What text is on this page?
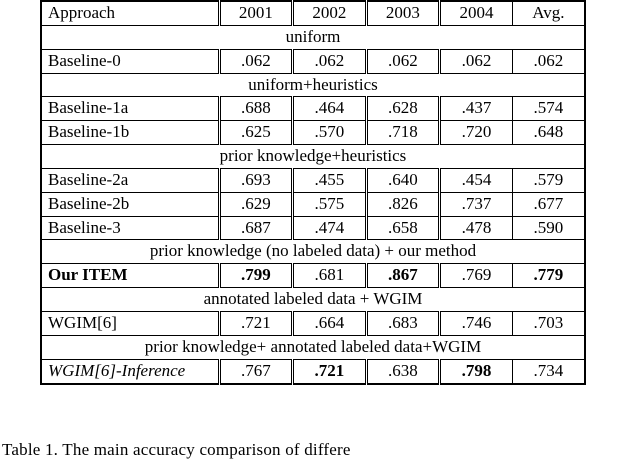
Approach	2001	2002	2003	2004	Avg.
uniform					
Baseline-0	.062	.062	.062	.062	.062
uniform+heuristics					
Baseline-1a	.688	.464	.628	.437	.574
Baseline-1b	.625	.570	.718	.720	.648
prior knowledge+heuristics					
Baseline-2a	.693	.455	.640	.454	.579
Baseline-2b	.629	.575	.826	.737	.677
Baseline-3	.687	.474	.658	.478	.590
prior knowledge (no labeled data) + our method					
Our ITEM	.799	.681	.867	.769	.779
annotated labeled data + WGIM					
WGIM[6]	.721	.664	.683	.746	.703
prior knowledge+ annotated labeled data+WGIM					
WGIM[6]-Inference	.767	.721	.638	.798	.734
Table 1. The main accuracy comparison of differe
